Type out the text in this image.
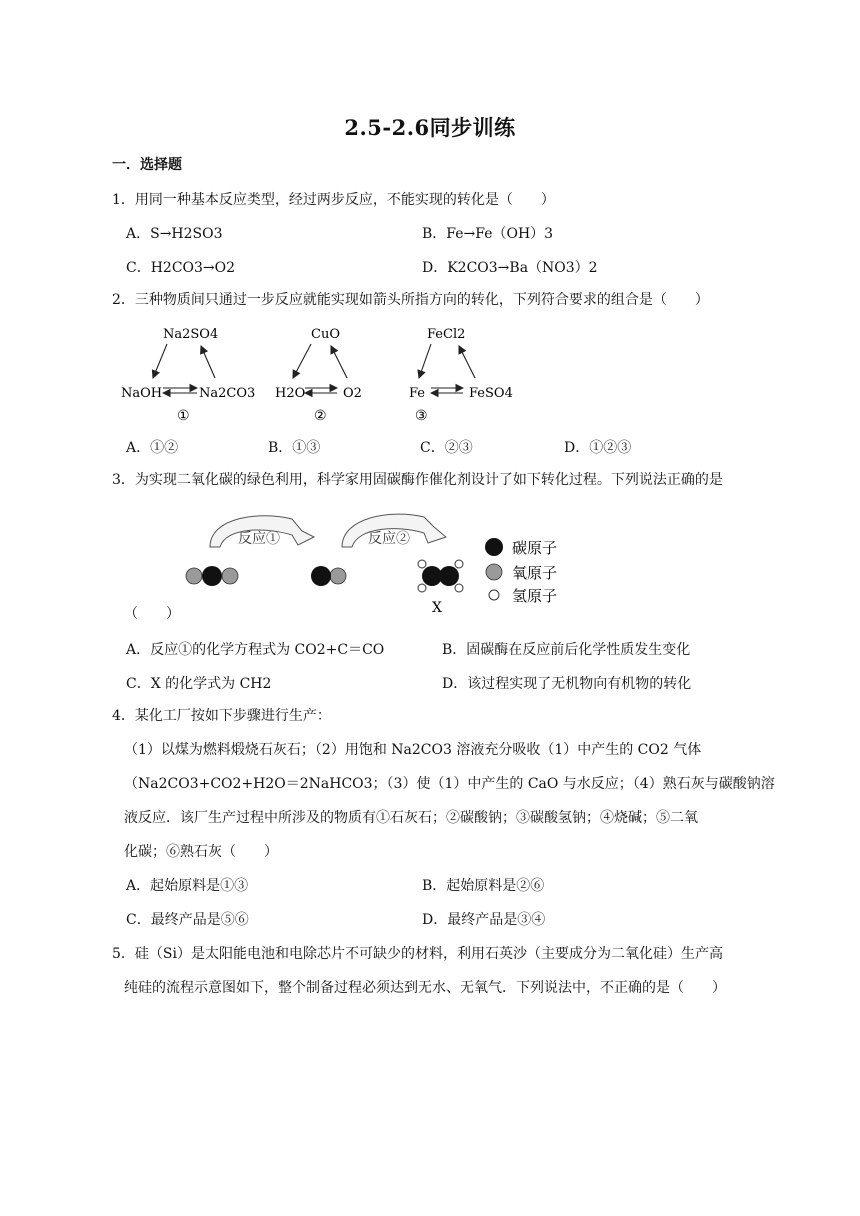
2.5-2.6同步训练
一．选择题
1．用同一种基本反应类型，经过两步反应，不能实现的转化是（　　）
A．S→H2SO3	B．Fe→Fe（OH）3
C．H2CO3→O2	D．K2CO3→Ba（NO3）2
2．三种物质间只通过一步反应就能实现如箭头所指方向的转化，下列符合要求的组合是（　　）
Na2SO4
NaOH	Na2CO3
①
CuO
H2O	O2
②
FeCl2
Fe	FeSO4
③
A．①②	B．①③	C．②③	D．①②③
3．为实现二氧化碳的绿色利用，科学家用固碳酶作催化剂设计了如下转化过程。下列说法正确的是
反应①	反应②
X
碳原子
氧原子
氢原子
（　　）
A．反应①的化学方程式为 CO2+C＝CO	B．固碳酶在反应前后化学性质发生变化
C．X 的化学式为 CH2	D．该过程实现了无机物向有机物的转化
4．某化工厂按如下步骤进行生产：
（1）以煤为燃料煅烧石灰石；（2）用饱和 Na2CO3 溶液充分吸收（1）中产生的 CO2 气体
（Na2CO3+CO2+H2O＝2NaHCO3；（3）使（1）中产生的 CaO 与水反应；（4）熟石灰与碳酸钠溶
液反应．该厂生产过程中所涉及的物质有①石灰石；②碳酸钠；③碳酸氢钠；④烧碱；⑤二氧
化碳；⑥熟石灰（　　）
A．起始原料是①③	B．起始原料是②⑥
C．最终产品是⑤⑥	D．最终产品是③④
5．硅（Si）是太阳能电池和电除芯片不可缺少的材料，利用石英沙（主要成分为二氧化硅）生产高
纯硅的流程示意图如下，整个制备过程必须达到无水、无氧气．下列说法中，不正确的是（　　）
